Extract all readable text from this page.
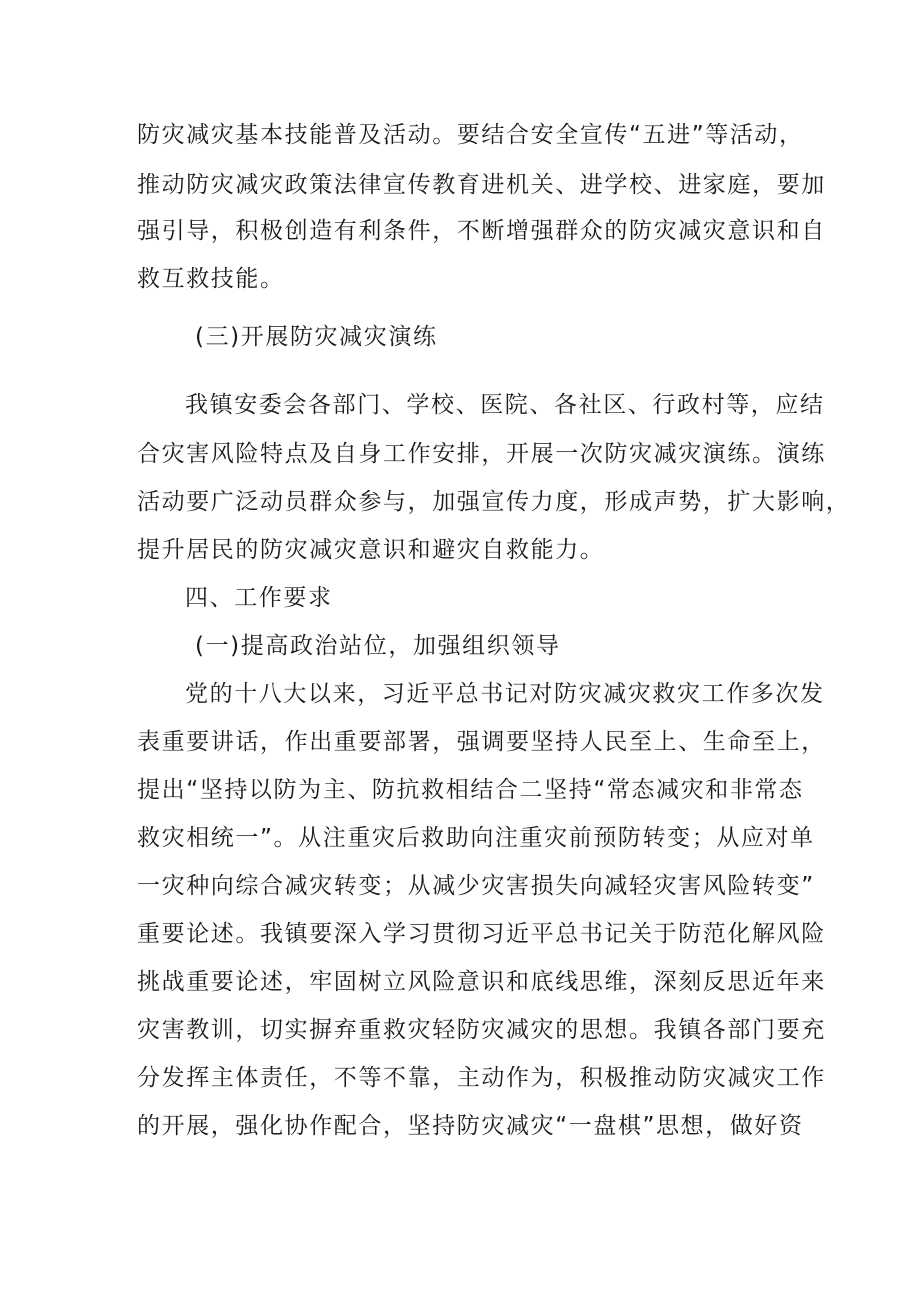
防灾减灾基本技能普及活动。要结合安全宣传“五进”等活动，
推动防灾减灾政策法律宣传教育进机关、进学校、进家庭，要加
强引导，积极创造有利条件，不断增强群众的防灾减灾意识和自
救互救技能。
(三)开展防灾减灾演练
我镇安委会各部门、学校、医院、各社区、行政村等，应结
合灾害风险特点及自身工作安排，开展一次防灾减灾演练。演练
活动要广泛动员群众参与，加强宣传力度，形成声势，扩大影响，
提升居民的防灾减灾意识和避灾自救能力。
四、工作要求
(一)提高政治站位，加强组织领导
党的十八大以来，习近平总书记对防灾减灾救灾工作多次发
表重要讲话，作出重要部署，强调要坚持人民至上、生命至上，
提出“坚持以防为主、防抗救相结合二坚持“常态减灾和非常态
救灾相统一”。从注重灾后救助向注重灾前预防转变；从应对单
一灾种向综合减灾转变；从减少灾害损失向减轻灾害风险转变”
重要论述。我镇要深入学习贯彻习近平总书记关于防范化解风险
挑战重要论述，牢固树立风险意识和底线思维，深刻反思近年来
灾害教训，切实摒弃重救灾轻防灾减灾的思想。我镇各部门要充
分发挥主体责任，不等不靠，主动作为，积极推动防灾减灾工作
的开展，强化协作配合，坚持防灾减灾“一盘棋”思想，做好资
